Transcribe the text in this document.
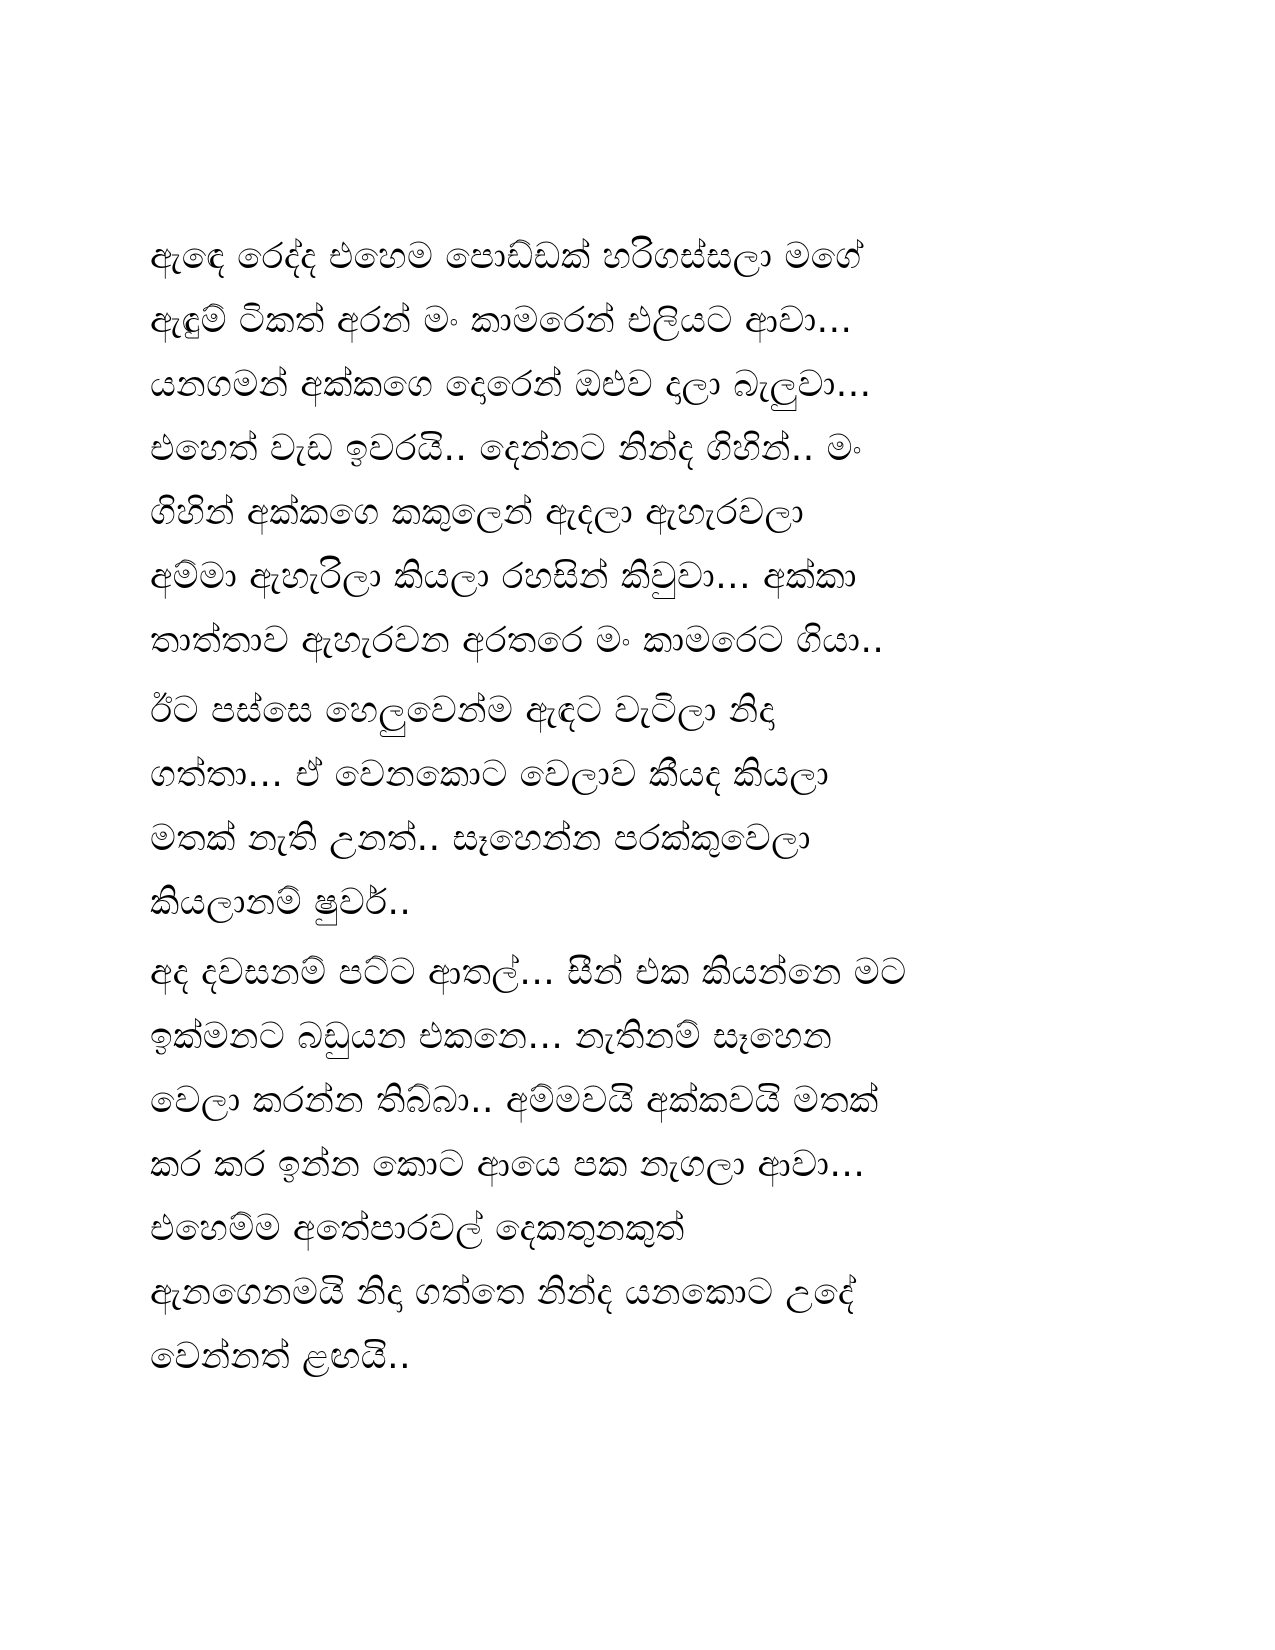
ඇඳෙ රෙද්ද එහෙම පොඩ්ඩක් හරිගස්සලා මගේ
ඇඳුම් ටිකත් අරන් මං කාමරෙන් එලියට ආවා...
යනගමන් අක්කගෙ දොරෙන් ඔළුව දාලා බැලුවා...
එහෙත් වැඩ ඉවරයි.. දෙන්නට නින්ද ගිහින්.. මං
ගිහින් අක්කගෙ කකුලෙන් ඇදලා ඇහැරවලා
අම්මා ඇහැරිලා කියලා රහසින් කිවුවා... අක්කා
තාත්තාව ඇහැරවන අරතරෙ මං කාමරෙට ගියා..

ඊට පස්සෙ හෙලුවෙන්ම ඇඳට වැටිලා නිදා
ගත්තා... ඒ වෙනකොට වෙලාව කීයද කියලා
මතක් නැති උනත්.. සෑහෙන්න පරක්කුවෙලා
කියලානම් ෂුවර්..

අද දවසනම් පට්ට ආතල්... සීන් එක කියන්නෙ මට
ඉක්මනට බඩුයන එකනෙ... නැතිනම් සෑහෙන
වෙලා කරන්න තිබ්බා.. අම්මවයි අක්කවයි මතක්
කර කර ඉන්න කොට ආයෙ පක නැගලා ආවා...
එහෙම්ම අතේපාරවල් දෙකතුනකුත්
ඇනගෙනමයි නිදා ගත්තෙ නින්ද යනකොට උදේ
වෙන්නත් ළඟයි..
